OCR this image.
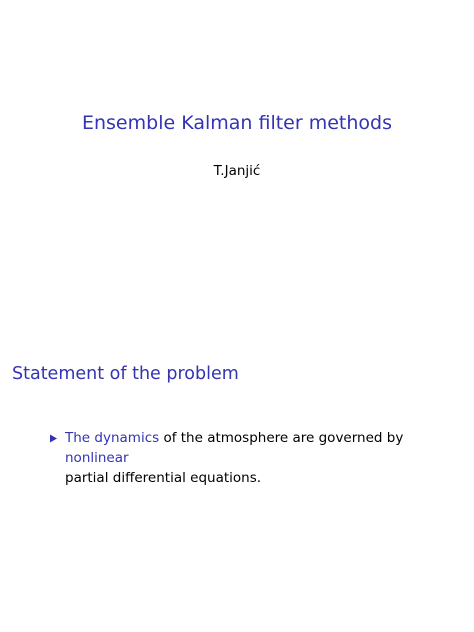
Ensemble Kalman filter methods
T.Janjić

Statement of the problem
The dynamics of the atmosphere are governed by nonlinear
partial differential equations.
